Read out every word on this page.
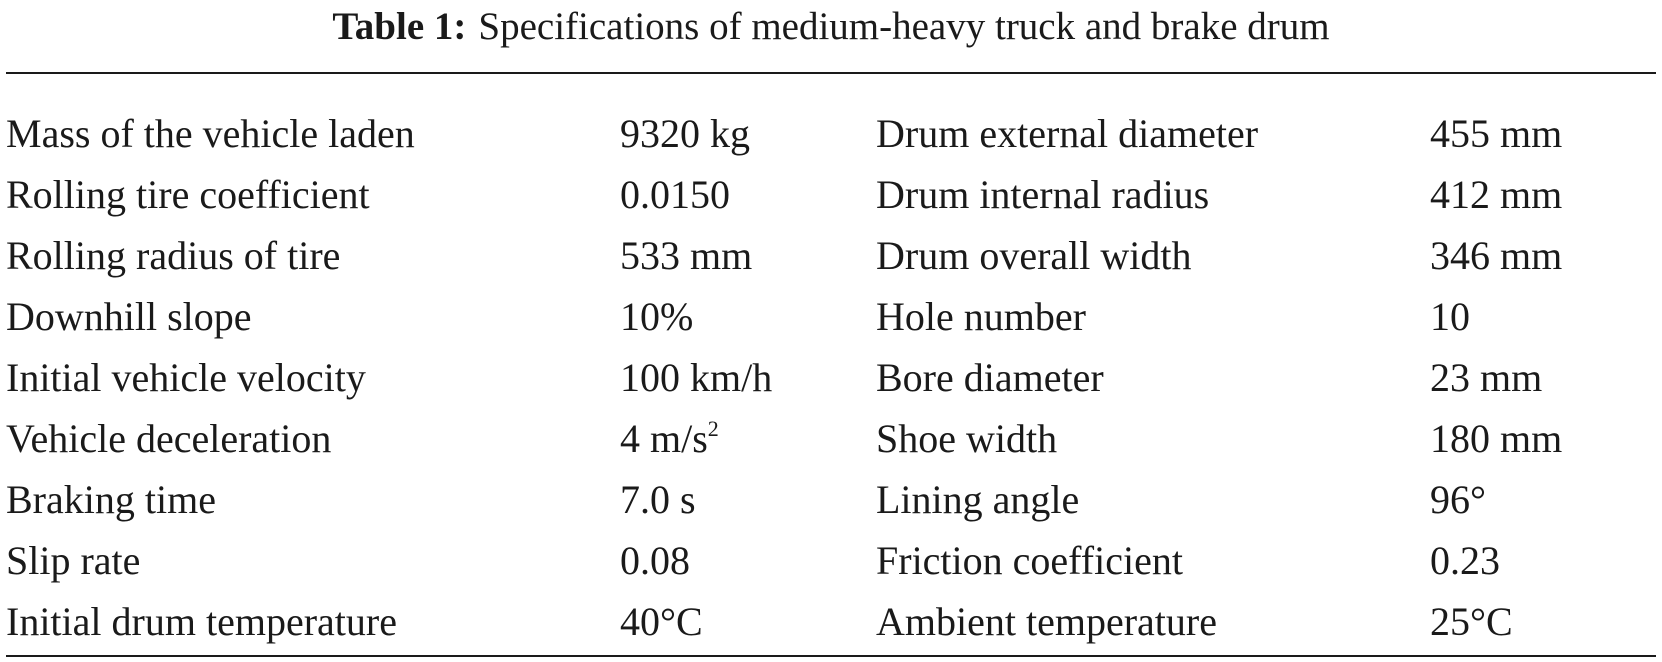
Table 1: Specifications of medium-heavy truck and brake drum
Mass of the vehicle laden	9320 kg	Drum external diameter	455 mm
Rolling tire coefficient	0.0150	Drum internal radius	412 mm
Rolling radius of tire	533 mm	Drum overall width	346 mm
Downhill slope	10%	Hole number	10
Initial vehicle velocity	100 km/h	Bore diameter	23 mm
Vehicle deceleration	4 $m/s^2$	Shoe width	180 mm
Braking time	7.0 s	Lining angle	96°
Slip rate	0.08	Friction coefficient	0.23
Initial drum temperature	40°C	Ambient temperature	25°C
